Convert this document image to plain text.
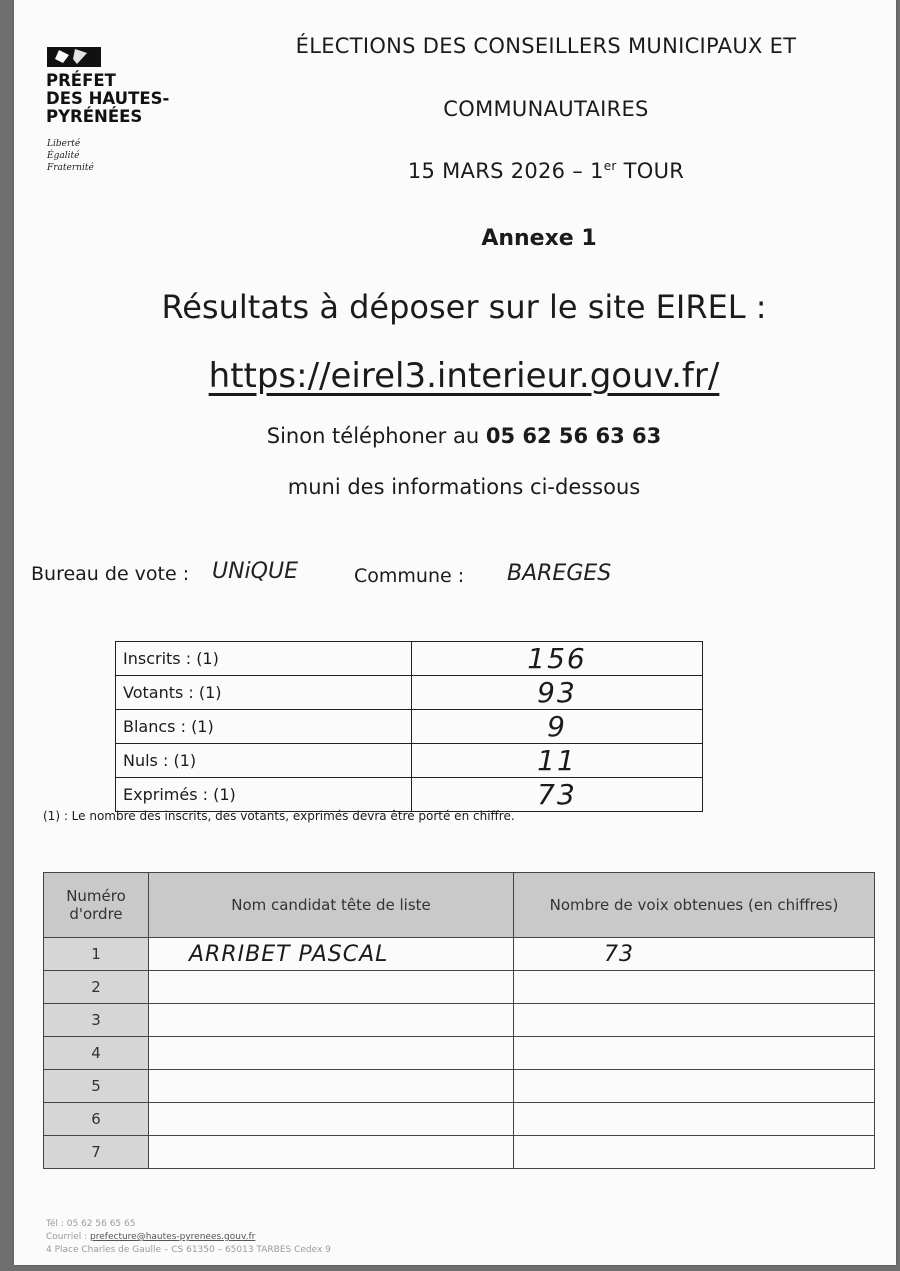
PRÉFET
DES HAUTES-
PYRÉNÉES
Liberté
Égalité
Fraternité
ÉLECTIONS DES CONSEILLERS MUNICIPAUX ET
COMMUNAUTAIRES
15 MARS 2026 – 1er TOUR
Annexe 1
Résultats à déposer sur le site EIREL :
https://eirel3.interieur.gouv.fr/
Sinon téléphoner au 05 62 56 63 63
muni des informations ci-dessous
Bureau de vote : UNiQUE	Commune : BAREGES
Inscrits : (1)	156
Votants : (1)	93
Blancs : (1)	9
Nuls : (1)	11
Exprimés : (1)	73
(1) : Le nombre des inscrits, des votants, exprimés devra être porté en chiffre.
Numéro d'ordre	Nom candidat tête de liste	Nombre de voix obtenues (en chiffres)
1	ARRIBET PASCAL	73
2		
3		
4		
5		
6		
7		
Tél : 05 62 56 65 65
Courriel : prefecture@hautes-pyrenees.gouv.fr
4 Place Charles de Gaulle – CS 61350 – 65013 TARBES Cedex 9
